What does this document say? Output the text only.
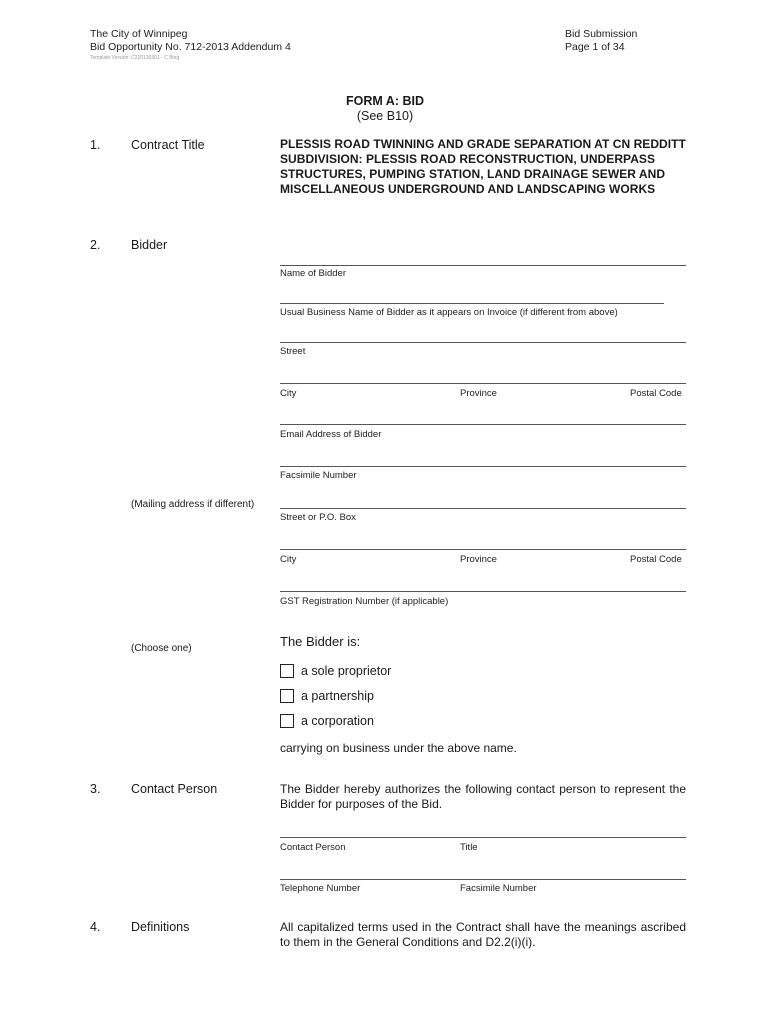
The City of Winnipeg
Bid Opportunity No. 712-2013 Addendum 4
Bid Submission
Page 1 of 34
Template Version: C220130301 - C Bing
FORM A: BID
(See B10)
1. Contract Title	PLESSIS ROAD TWINNING AND GRADE SEPARATION AT CN REDDITT SUBDIVISION: PLESSIS ROAD RECONSTRUCTION, UNDERPASS STRUCTURES, PUMPING STATION, LAND DRAINAGE SEWER AND MISCELLANEOUS UNDERGROUND AND LANDSCAPING WORKS
2. Bidder
Name of Bidder
Usual Business Name of Bidder as it appears on Invoice (if different from above)
Street
City	Province	Postal Code
Email Address of Bidder
Facsimile Number
(Mailing address if different)
Street or P.O. Box
City	Province	Postal Code
GST Registration Number (if applicable)
(Choose one)	The Bidder is:
a sole proprietor
a partnership
a corporation
carrying on business under the above name.
3. Contact Person	The Bidder hereby authorizes the following contact person to represent the Bidder for purposes of the Bid.
Contact Person	Title
Telephone Number	Facsimile Number
4. Definitions	All capitalized terms used in the Contract shall have the meanings ascribed to them in the General Conditions and D2.2(i)(i).
